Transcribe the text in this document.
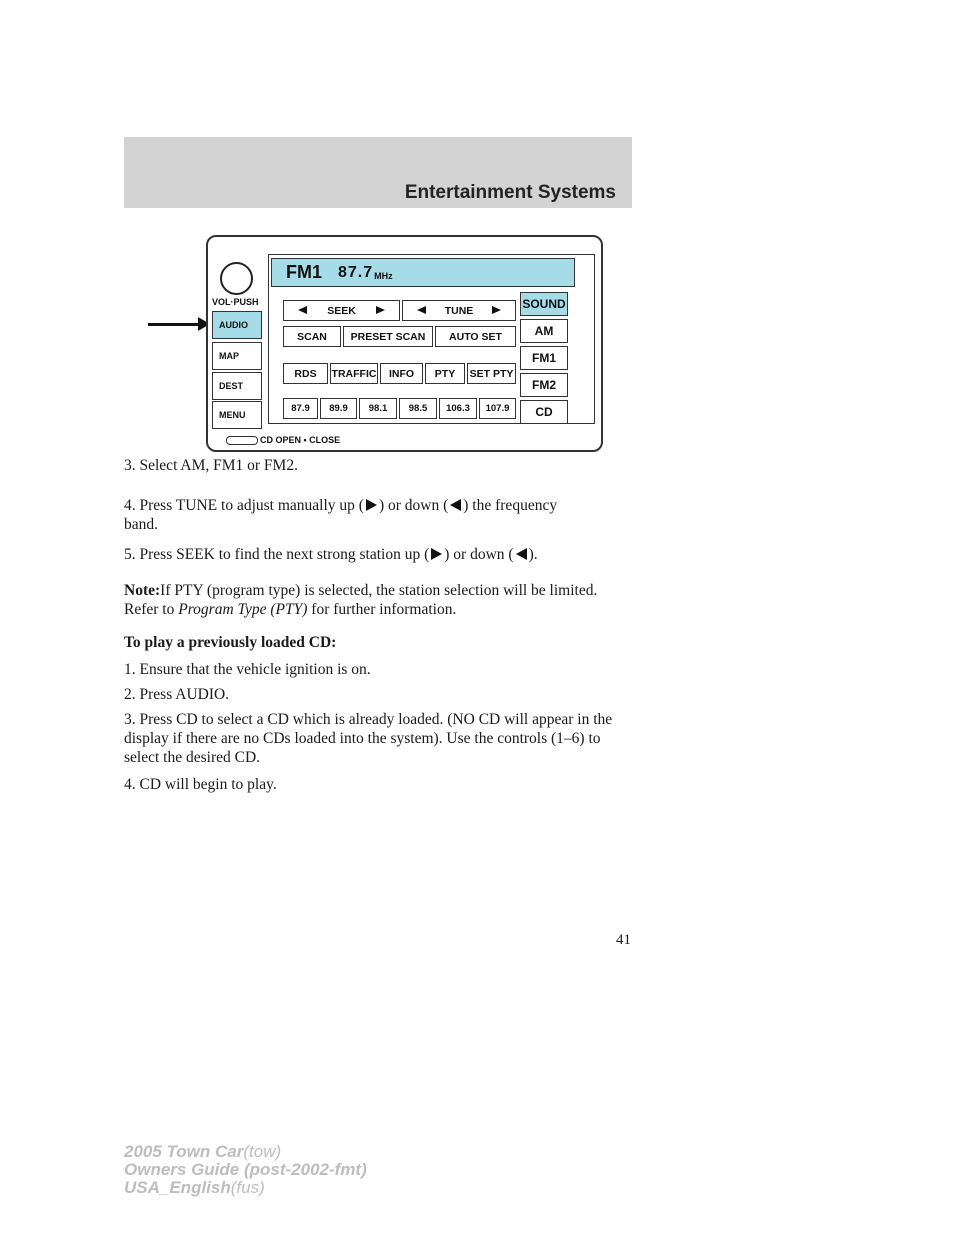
Entertainment Systems
VOL·PUSH
AUDIO
MAP
DEST
MENU
FM1 87.7 MHz
SEEK	TUNE
SCAN	PRESET SCAN	AUTO SET
RDS	TRAFFIC	INFO	PTY	SET PTY
87.9	89.9	98.1	98.5	106.3	107.9
SOUND
AM
FM1
FM2
CD
CD OPEN • CLOSE
3. Select AM, FM1 or FM2.
4. Press TUNE to adjust manually up ( ) or down ( ) the frequency
band.
5. Press SEEK to find the next strong station up ( ) or down ( ).
Note:If PTY (program type) is selected, the station selection will be limited. Refer to Program Type (PTY) for further information.
To play a previously loaded CD:
1. Ensure that the vehicle ignition is on.
2. Press AUDIO.
3. Press CD to select a CD which is already loaded. (NO CD will appear in the display if there are no CDs loaded into the system). Use the controls (1–6) to select the desired CD.
4. CD will begin to play.
41
2005 Town Car(tow)
Owners Guide (post-2002-fmt)
USA_English(fus)
